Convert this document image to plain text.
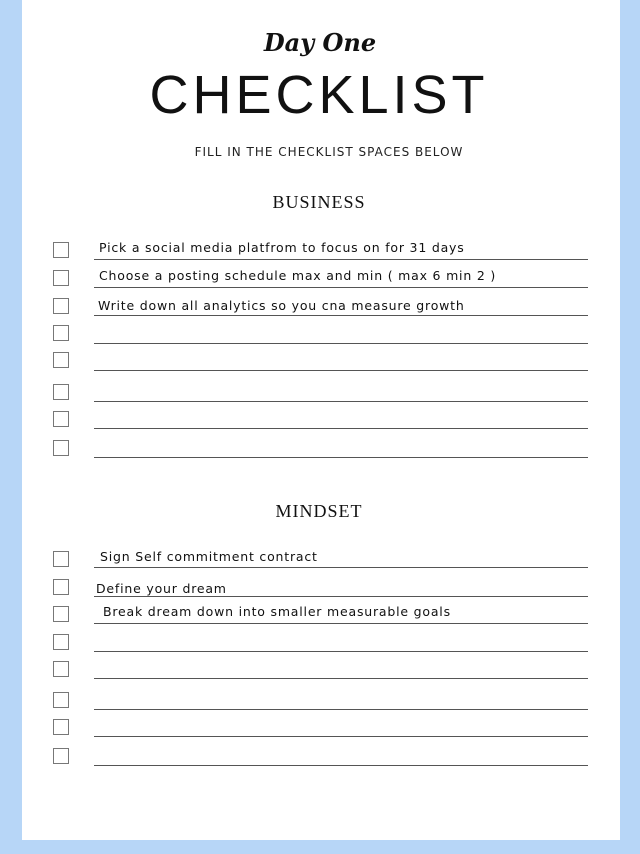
Day One
CHECKLIST
FILL IN THE CHECKLIST SPACES BELOW
BUSINESS
Pick a social media platfrom to focus on for 31 days
Choose a posting schedule max and min ( max 6 min 2 )
Write down all analytics so you cna measure growth
MINDSET
Sign Self commitment contract
Define your dream
Break dream down into smaller measurable goals
